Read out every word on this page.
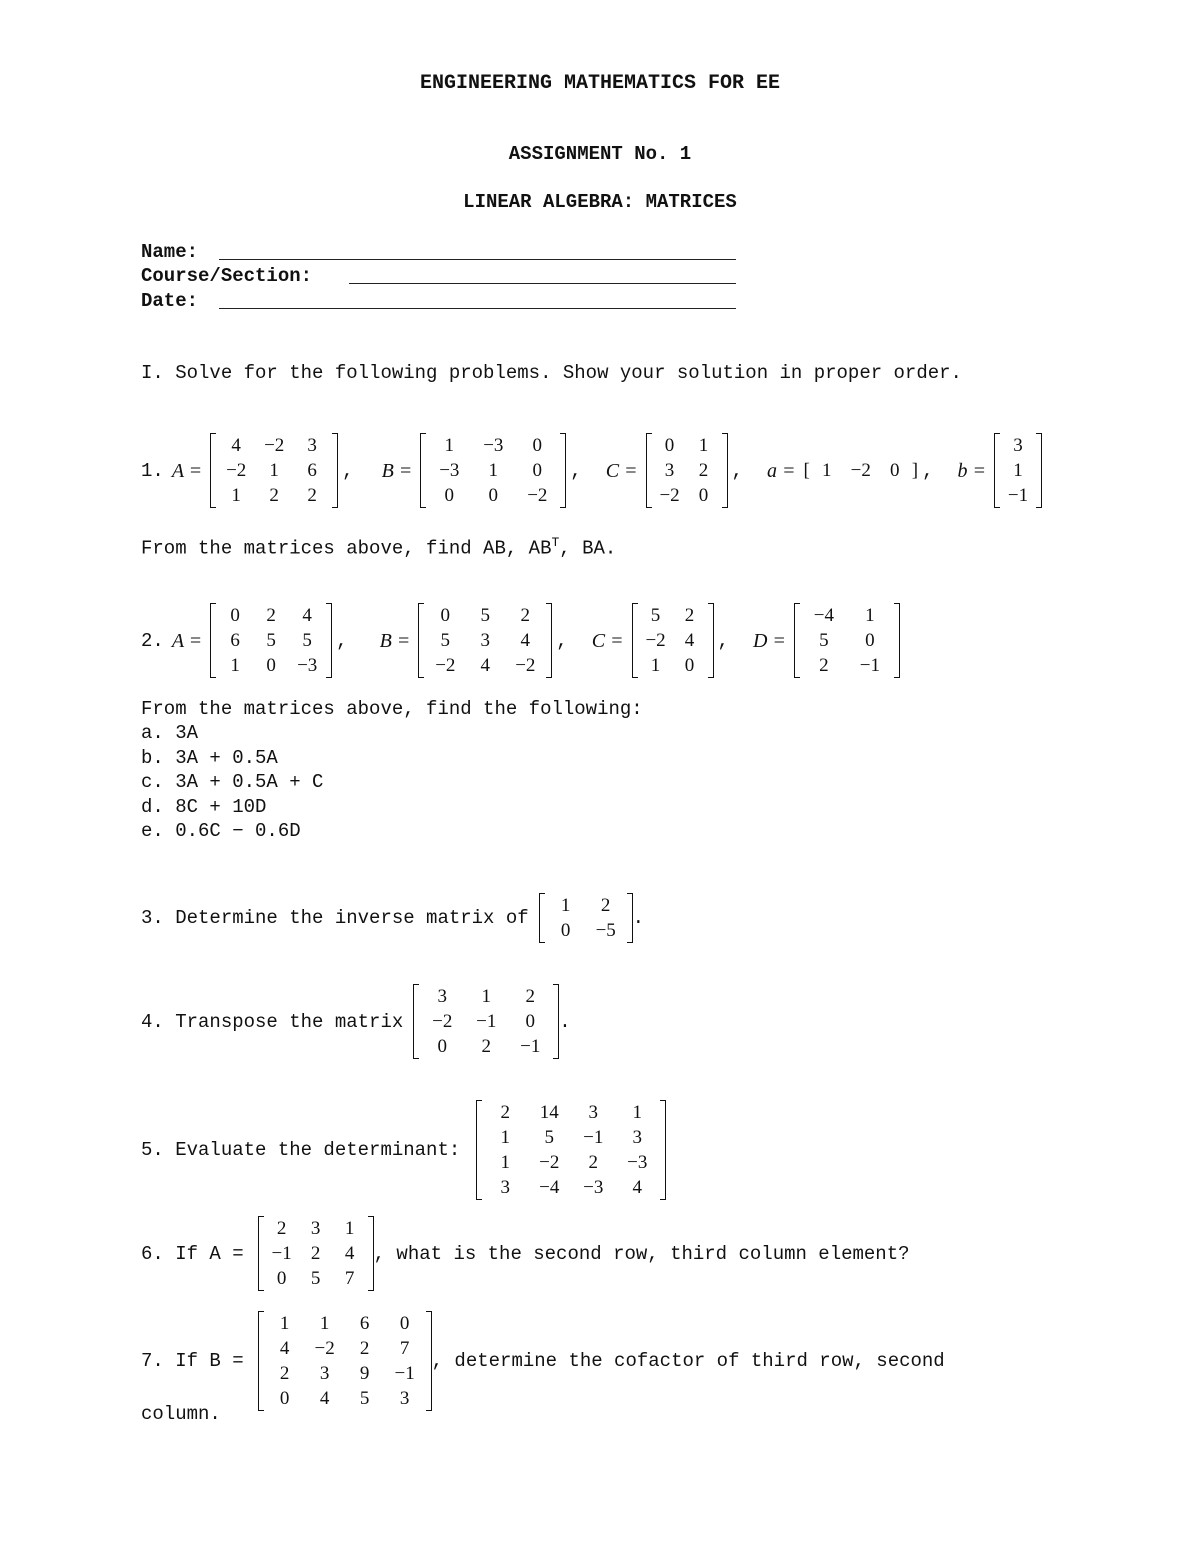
ENGINEERING MATHEMATICS FOR EE
ASSIGNMENT No. 1
LINEAR ALGEBRA: MATRICES
Name:
Course/Section:
Date:
I. Solve for the following problems. Show your solution in proper order.
1. A =
4	−2	3
−2	1	6
1	2	2
, B =
1	−3	0
−3	1	0
0	0	−2
, C =
0	1
3	2
−2	0
, a = [ 1 −2 0 ] , b =
3
1
−1
From the matrices above, find AB, $AB^T$, BA.
2. A =
0	2	4
6	5	5
1	0	−3
, B =
0	5	2
5	3	4
−2	4	−2
, C =
5	2
−2	4
1	0
, D =
−4	1
5	0
2	−1
From the matrices above, find the following:
a. 3A
b. 3A + 0.5A
c. 3A + 0.5A + C
d. 8C + 10D
e. 0.6C − 0.6D
3. Determine the inverse matrix of
1	2
0	−5
.
4. Transpose the matrix
3	1	2
−2	−1	0
0	2	−1
.
5. Evaluate the determinant:
2	14	3	1
1	5	−1	3
1	−2	2	−3
3	−4	−3	4
6. If A =
2	3	1
−1	2	4
0	5	7
, what is the second row, third column element?
7. If B =
1	1	6	0
4	−2	2	7
2	3	9	−1
0	4	5	3
, determine the cofactor of third row, second
column.
